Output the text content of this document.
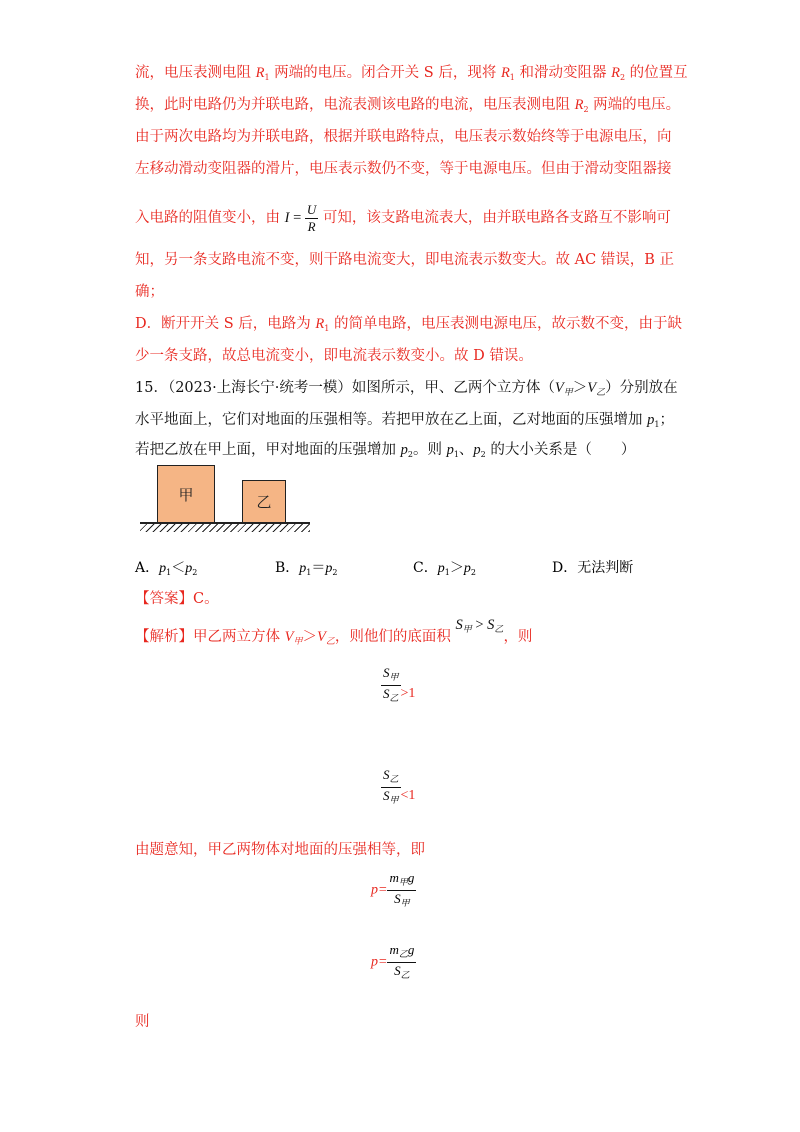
流，电压表测电阻 $R_1$ 两端的电压。闭合开关 S 后，现将 $R_1$ 和滑动变阻器 $R_2$ 的位置互
换，此时电路仍为并联电路，电流表测该电路的电流，电压表测电阻 $R_2$ 两端的电压。
由于两次电路均为并联电路，根据并联电路特点，电压表示数始终等于电源电压，向
左移动滑动变阻器的滑片，电压表示数仍不变，等于电源电压。但由于滑动变阻器接
入电路的阻值变小，由 $I = \frac{U}{R}$ 可知，该支路电流表大，由并联电路各支路互不影响可
知，另一条支路电流不变，则干路电流变大，即电流表示数变大。故 AC 错误，B 正
确；
D．断开开关 S 后，电路为 $R_1$ 的简单电路，电压表测电源电压，故示数不变，由于缺
少一条支路，故总电流变小，即电流表示数变小。故 D 错误。
15．（2023·上海长宁·统考一模）如图所示，甲、乙两个立方体$(V_甲>V_乙)$分别放在
水平地面上，它们对地面的压强相等。若把甲放在乙上面，乙对地面的压强增加 $p_1$；
若把乙放在甲上面，甲对地面的压强增加 $p_2$。则 $p_1$、$p_2$ 的大小关系是（　　）
甲	乙
A．$p_1<p_2$	B．$p_1=p_2$	C．$p_1>p_2$	D．无法判断
【答案】C。
【解析】甲乙两立方体 $V_甲>V_乙$，则他们的底面积 $S_甲 > S_乙$，则
$\frac{S_甲}{S_乙} >1$
$\frac{S_乙}{S_甲} <1$
由题意知，甲乙两物体对地面的压强相等，即
$p= \frac{m_甲g}{S_甲}$
$p= \frac{m_乙g}{S_乙}$
则
